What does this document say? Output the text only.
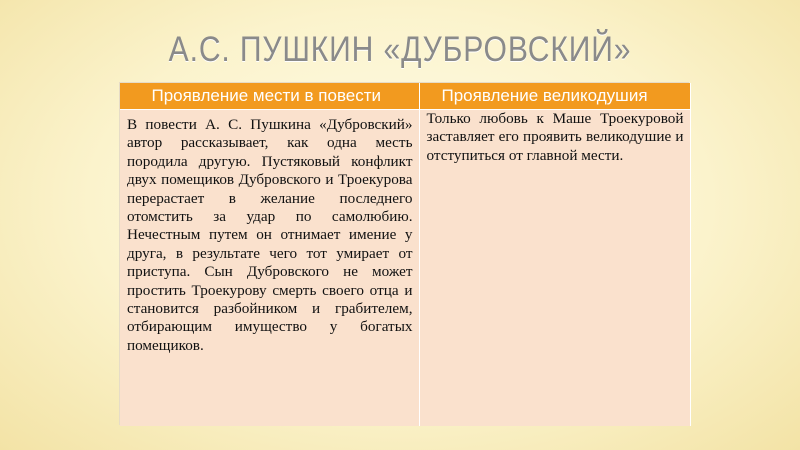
А.С. ПУШКИН «ДУБРОВСКИЙ»
Проявление мести в повести	Проявление великодушия
В повести А. С. Пушкина «Дубровский» автор рассказывает, как одна месть породила другую. Пустяковый конфликт двух помещиков Дубровского и Троекурова перерастает в желание последнего отомстить за удар по самолюбию. Нечестным путем он отнимает имение у друга, в результате чего тот умирает от приступа. Сын Дубровского не может простить Троекурову смерть своего отца и становится разбойником и грабителем, отбирающим имущество у богатых помещиков.	Только любовь к Маше Троекуровой заставляет его проявить великодушие и отступиться от главной мести.
